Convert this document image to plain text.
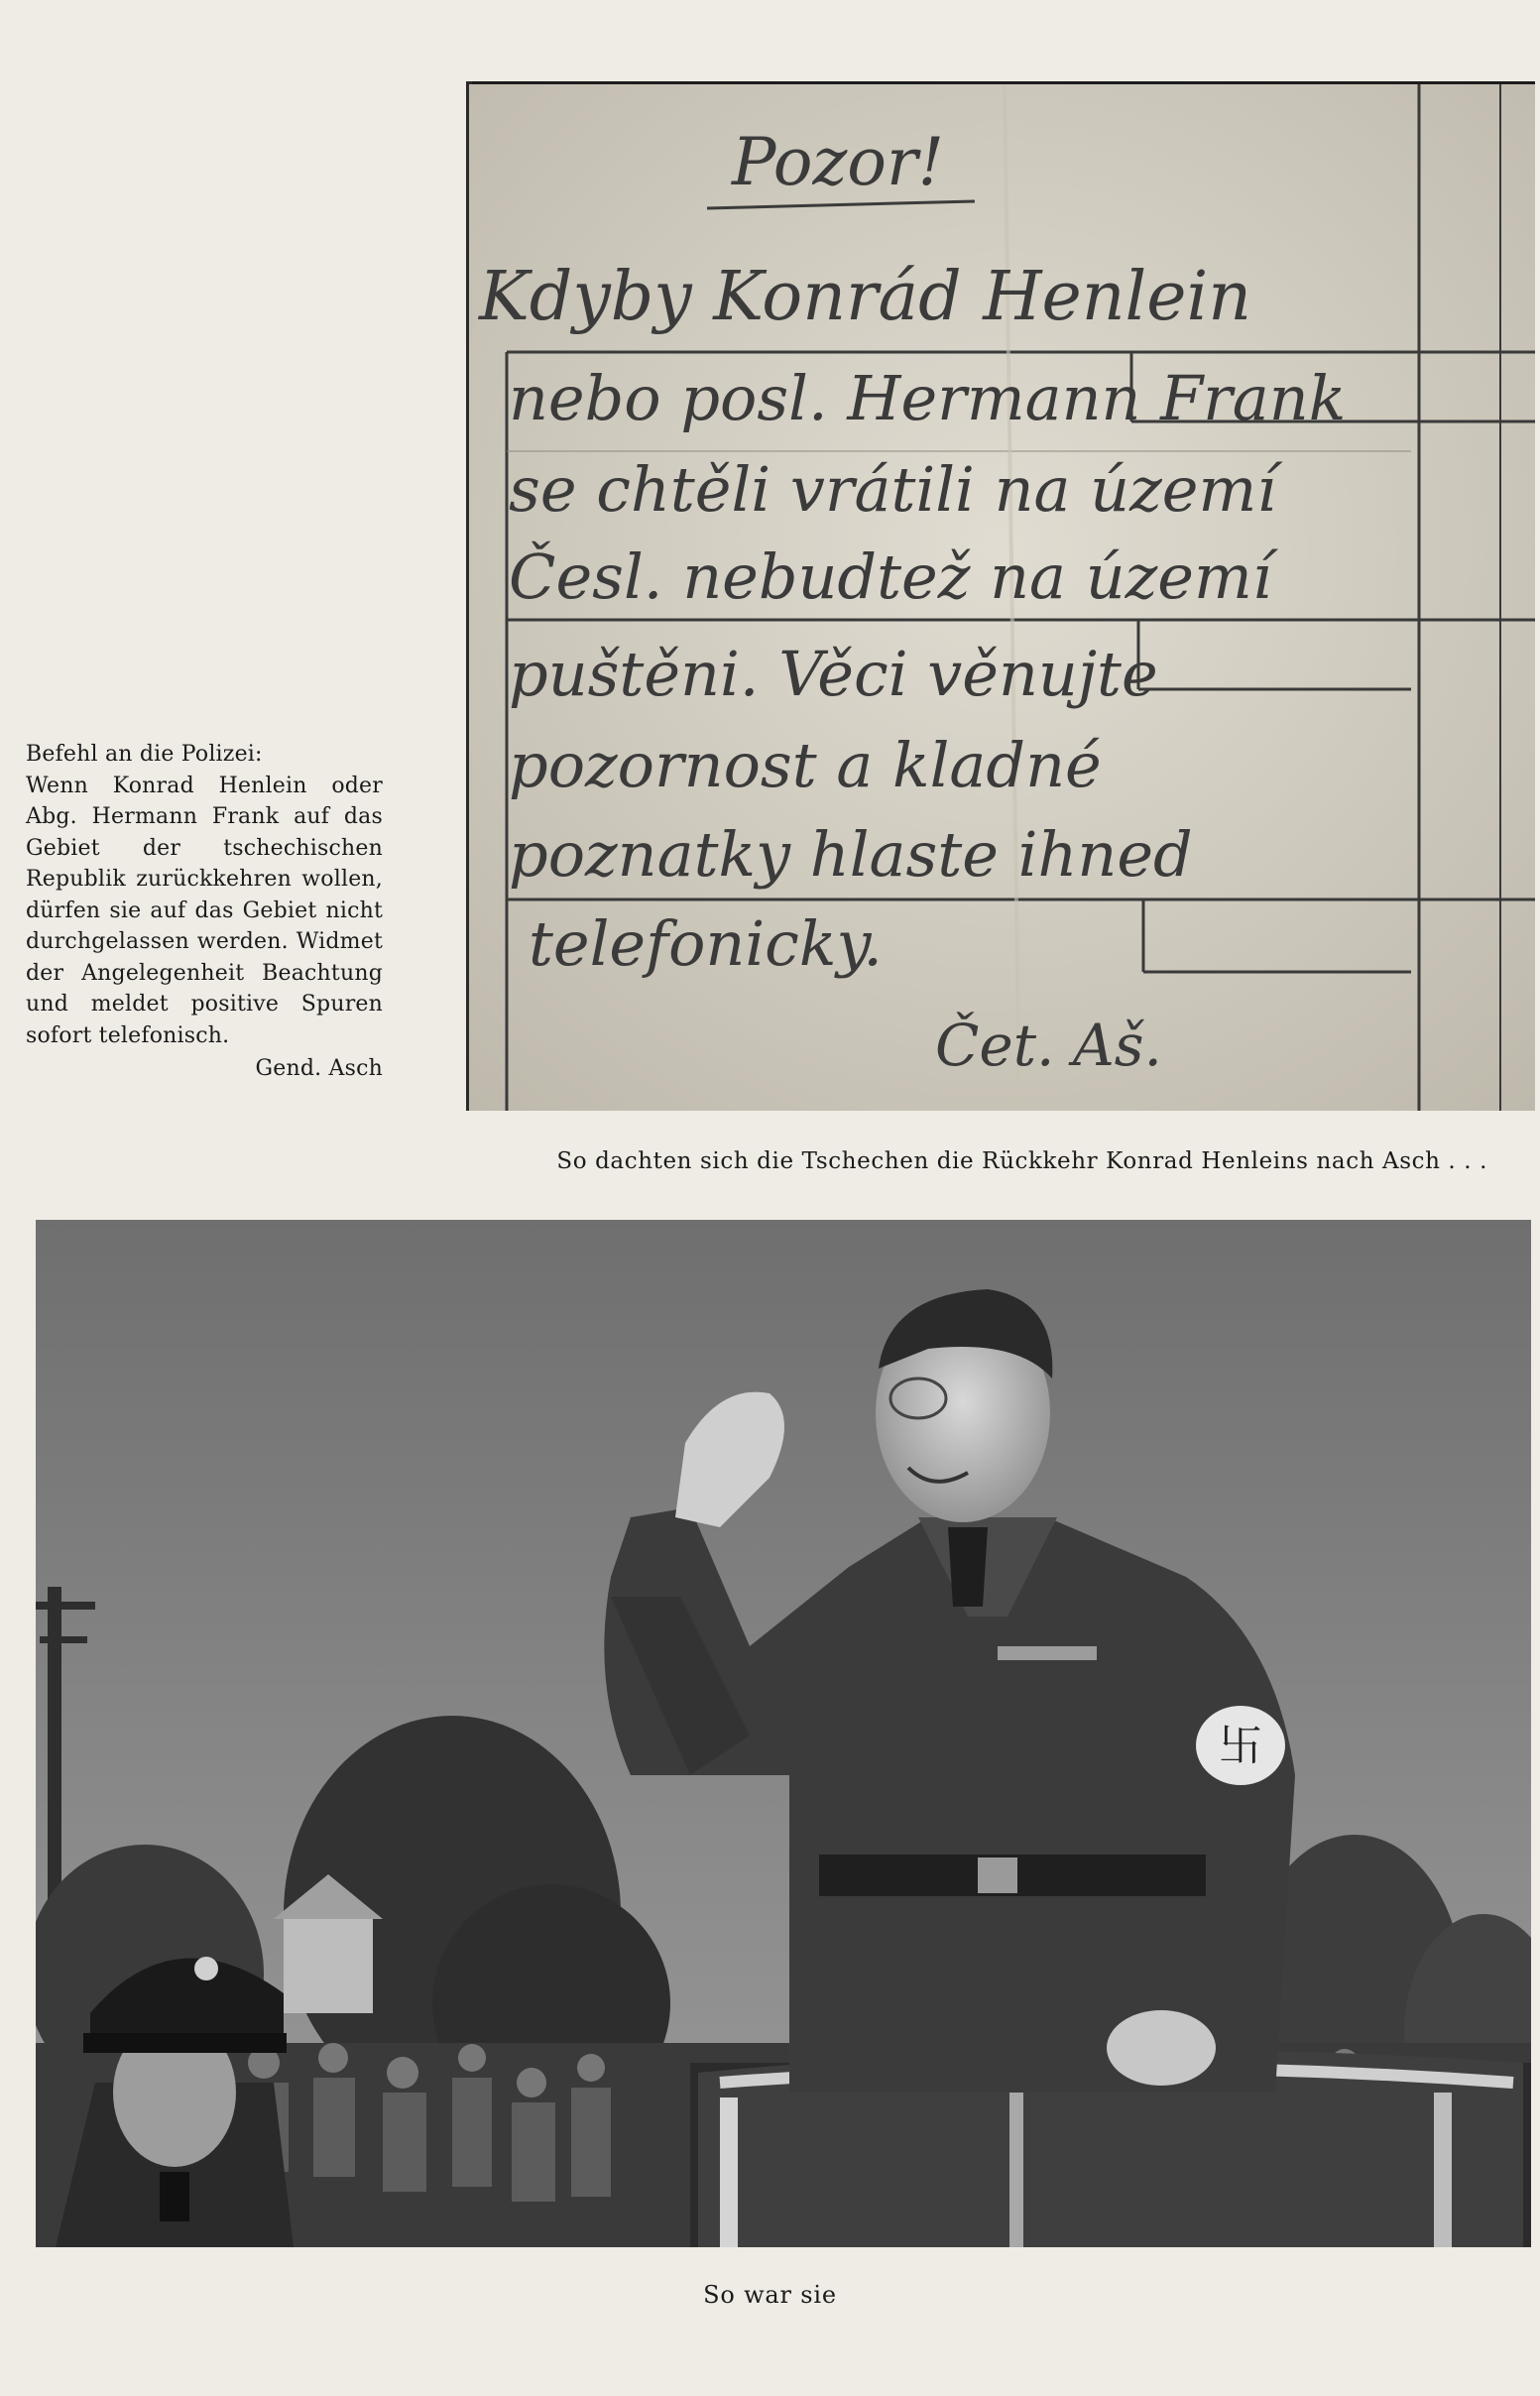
Befehl an die Polizei:
Wenn Konrad Henlein oder Abg. Hermann Frank auf das Gebiet der tschechischen Republik zurückkehren wollen, dürfen sie auf das Gebiet nicht durchgelassen werden. Widmet der Angelegenheit Beachtung und meldet positive Spuren sofort telefonisch.
Gend. Asch
Pozor!
Kdyby Konrád Henlein
nebo posl. Hermann Frank
se chtěli vrátili na území
Česl. nebudtež na území
puštěni. Věci věnujte
pozornost a kladné
poznatky hlaste ihned
telefonicky.
Čet. Aš.
So dachten sich die Tschechen die Rückkehr Konrad Henleins nach Asch . . .
卐
So war sie
